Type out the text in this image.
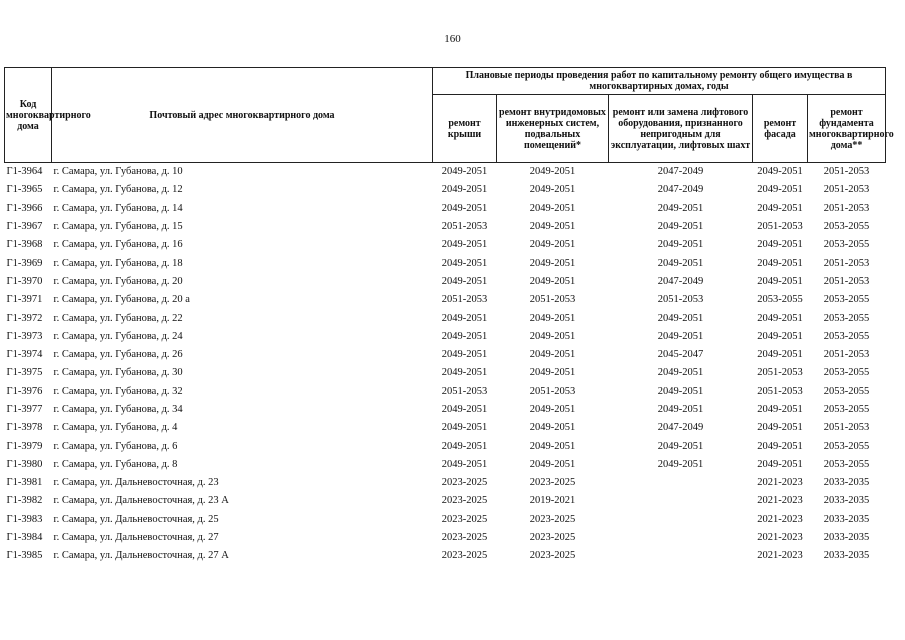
160
Код многоквартирного дома	Почтовый адрес многоквартирного дома	Плановые периоды проведения работ по капитальному ремонту общего имущества в многоквартирных домах, годы				
		ремонт крыши	ремонт внутридомовых инженерных систем, подвальных помещений*	ремонт или замена лифтового оборудования, признанного непригодным для эксплуатации, лифтовых шахт	ремонт фасада	ремонт фундамента многоквартирного дома**
Г1-3964	г. Самара, ул. Губанова, д. 10	2049-2051	2049-2051	2047-2049	2049-2051	2051-2053
Г1-3965	г. Самара, ул. Губанова, д. 12	2049-2051	2049-2051	2047-2049	2049-2051	2051-2053
Г1-3966	г. Самара, ул. Губанова, д. 14	2049-2051	2049-2051	2049-2051	2049-2051	2051-2053
Г1-3967	г. Самара, ул. Губанова, д. 15	2051-2053	2049-2051	2049-2051	2051-2053	2053-2055
Г1-3968	г. Самара, ул. Губанова, д. 16	2049-2051	2049-2051	2049-2051	2049-2051	2053-2055
Г1-3969	г. Самара, ул. Губанова, д. 18	2049-2051	2049-2051	2049-2051	2049-2051	2051-2053
Г1-3970	г. Самара, ул. Губанова, д. 20	2049-2051	2049-2051	2047-2049	2049-2051	2051-2053
Г1-3971	г. Самара, ул. Губанова, д. 20 а	2051-2053	2051-2053	2051-2053	2053-2055	2053-2055
Г1-3972	г. Самара, ул. Губанова, д. 22	2049-2051	2049-2051	2049-2051	2049-2051	2053-2055
Г1-3973	г. Самара, ул. Губанова, д. 24	2049-2051	2049-2051	2049-2051	2049-2051	2053-2055
Г1-3974	г. Самара, ул. Губанова, д. 26	2049-2051	2049-2051	2045-2047	2049-2051	2051-2053
Г1-3975	г. Самара, ул. Губанова, д. 30	2049-2051	2049-2051	2049-2051	2051-2053	2053-2055
Г1-3976	г. Самара, ул. Губанова, д. 32	2051-2053	2051-2053	2049-2051	2051-2053	2053-2055
Г1-3977	г. Самара, ул. Губанова, д. 34	2049-2051	2049-2051	2049-2051	2049-2051	2053-2055
Г1-3978	г. Самара, ул. Губанова, д. 4	2049-2051	2049-2051	2047-2049	2049-2051	2051-2053
Г1-3979	г. Самара, ул. Губанова, д. 6	2049-2051	2049-2051	2049-2051	2049-2051	2053-2055
Г1-3980	г. Самара, ул. Губанова, д. 8	2049-2051	2049-2051	2049-2051	2049-2051	2053-2055
Г1-3981	г. Самара, ул. Дальневосточная, д. 23	2023-2025	2023-2025		2021-2023	2033-2035
Г1-3982	г. Самара, ул. Дальневосточная, д. 23 А	2023-2025	2019-2021		2021-2023	2033-2035
Г1-3983	г. Самара, ул. Дальневосточная, д. 25	2023-2025	2023-2025		2021-2023	2033-2035
Г1-3984	г. Самара, ул. Дальневосточная, д. 27	2023-2025	2023-2025		2021-2023	2033-2035
Г1-3985	г. Самара, ул. Дальневосточная, д. 27 А	2023-2025	2023-2025		2021-2023	2033-2035
